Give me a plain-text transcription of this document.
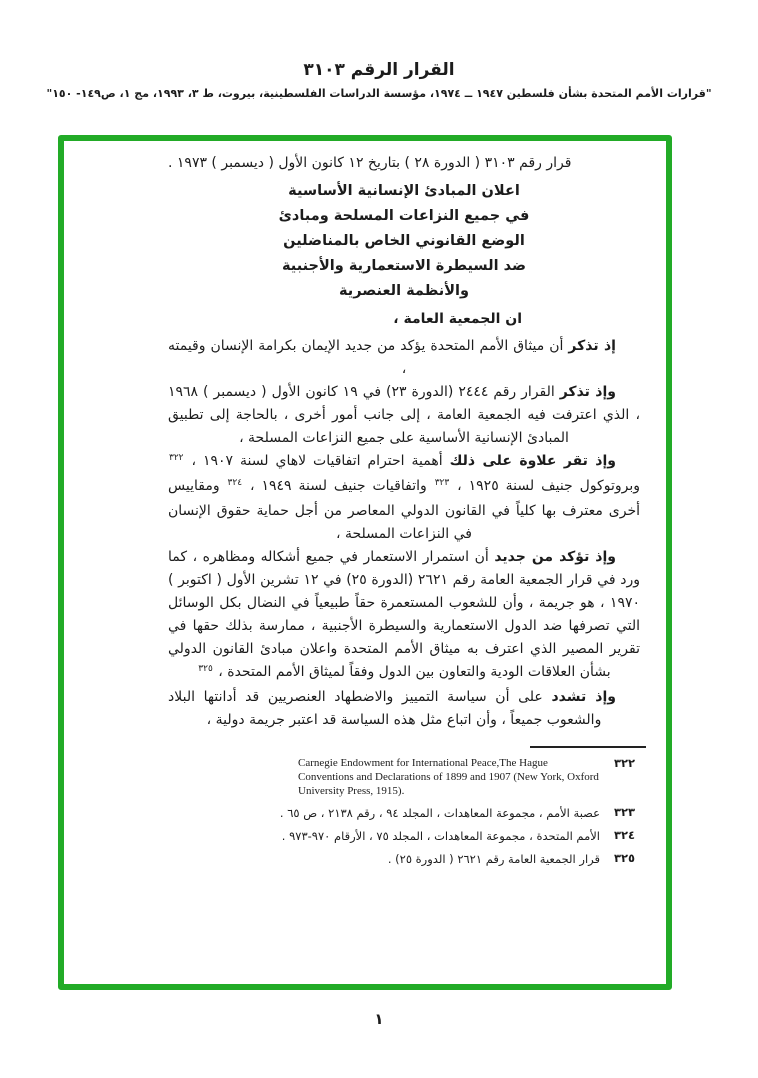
القرار الرقم ٣١٠٣
"قرارات الأمم المتحدة بشأن فلسطين ١٩٤٧ ــ ١٩٧٤، مؤسسة الدراسات الفلسطينية، بيروت، ط ٣، ١٩٩٣، مج ١، ص١٤٩- ١٥٠"

قرار رقم ٣١٠٣ ( الدورة ٢٨ ) بتاريخ ١٢ كانون الأول ( ديسمبر ) ١٩٧٣ .

اعلان المبادئ الإنسانية الأساسية
في جميع النزاعات المسلحة ومبادئ
الوضع القانوني الخاص بالمناضلين
ضد السيطرة الاستعمارية والأجنبية
والأنظمة العنصرية

ان الجمعية العامة ،

إذ تذكر أن ميثاق الأمم المتحدة يؤكد من جديد الإيمان بكرامة الإنسان وقيمته ،

وإذ تذكر القرار رقم ٢٤٤٤ (الدورة ٢٣) في ١٩ كانون الأول ( ديسمبر ) ١٩٦٨ ، الذي اعترفت فيه الجمعية العامة ، إلى جانب أمور أخرى ، بالحاجة إلى تطبيق المبادئ الإنسانية الأساسية على جميع النزاعات المسلحة ،

وإذ تقر علاوة على ذلك أهمية احترام اتفاقيات لاهاي لسنة ١٩٠٧ ، $^{٣٢٢}$ وبروتوكول جنيف لسنة ١٩٢٥ ، $^{٣٢٣}$ واتفاقيات جنيف لسنة ١٩٤٩ ، $^{٣٢٤}$ ومقاييس أخرى معترف بها كلياً في القانون الدولي المعاصر من أجل حماية حقوق الإنسان في النزاعات المسلحة ،

وإذ تؤكد من جديد أن استمرار الاستعمار في جميع أشكاله ومظاهره ، كما ورد في قرار الجمعية العامة رقم ٢٦٢١ (الدورة ٢٥) في ١٢ تشرين الأول ( اكتوبر ) ١٩٧٠ ، هو جريمة ، وأن للشعوب المستعمرة حقاً طبيعياً في النضال بكل الوسائل التي تصرفها ضد الدول الاستعمارية والسيطرة الأجنبية ، ممارسة بذلك حقها في تقرير المصير الذي اعترف به ميثاق الأمم المتحدة واعلان مبادئ القانون الدولي بشأن العلاقات الودية والتعاون بين الدول وفقاً لميثاق الأمم المتحدة ، $^{٣٢٥}$

وإذ تشدد على أن سياسة التمييز والاضطهاد العنصريين قد أدانتها البلاد والشعوب جميعاً ، وأن اتباع مثل هذه السياسة قد اعتبر جريمة دولية ،

٣٢٢
Carnegie Endowment for International Peace,The Hague Conventions and Declarations of 1899 and 1907 (New York, Oxford University Press, 1915).
٣٢٣
عصبة الأمم ، مجموعة المعاهدات ، المجلد ٩٤ ، رقم ٢١٣٨ ، ص ٦٥ .
٣٢٤
الأمم المتحدة ، مجموعة المعاهدات ، المجلد ٧٥ ، الأرقام ٩٧٠-٩٧٣ .
٣٢٥
قرار الجمعية العامة رقم ٢٦٢١ ( الدورة ٢٥) .
١
